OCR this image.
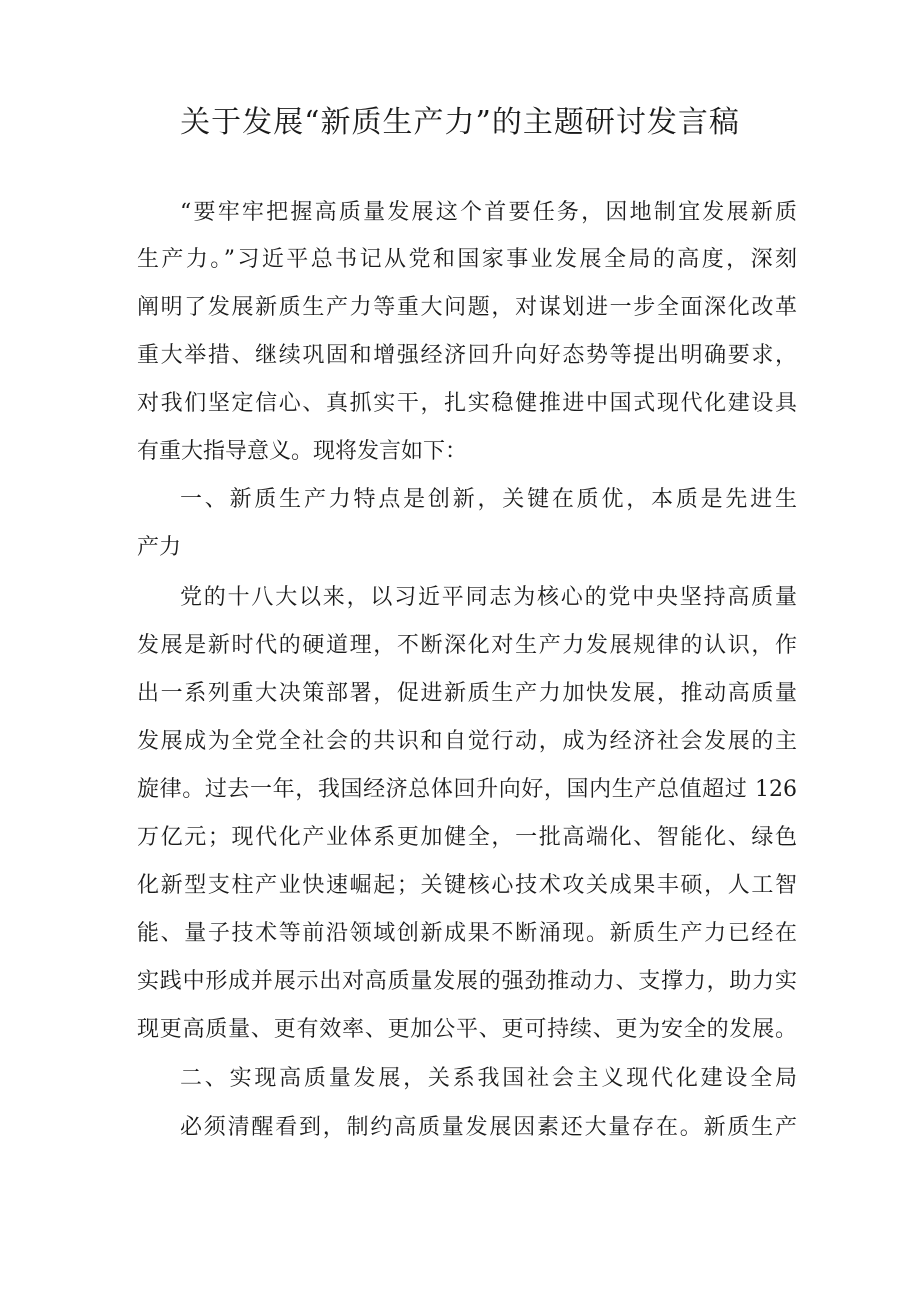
关于发展“新质生产力”的主题研讨发言稿
“要牢牢把握高质量发展这个首要任务，因地制宜发展新质
生产力。”习近平总书记从党和国家事业发展全局的高度，深刻
阐明了发展新质生产力等重大问题，对谋划进一步全面深化改革
重大举措、继续巩固和增强经济回升向好态势等提出明确要求，
对我们坚定信心、真抓实干，扎实稳健推进中国式现代化建设具
有重大指导意义。现将发言如下：
一、新质生产力特点是创新，关键在质优，本质是先进生
产力
党的十八大以来，以习近平同志为核心的党中央坚持高质量
发展是新时代的硬道理，不断深化对生产力发展规律的认识，作
出一系列重大决策部署，促进新质生产力加快发展，推动高质量
发展成为全党全社会的共识和自觉行动，成为经济社会发展的主
旋律。过去一年，我国经济总体回升向好，国内生产总值超过 126
万亿元；现代化产业体系更加健全，一批高端化、智能化、绿色
化新型支柱产业快速崛起；关键核心技术攻关成果丰硕，人工智
能、量子技术等前沿领域创新成果不断涌现。新质生产力已经在
实践中形成并展示出对高质量发展的强劲推动力、支撑力，助力实
现更高质量、更有效率、更加公平、更可持续、更为安全的发展。
二、实现高质量发展，关系我国社会主义现代化建设全局
必须清醒看到，制约高质量发展因素还大量存在。新质生产
